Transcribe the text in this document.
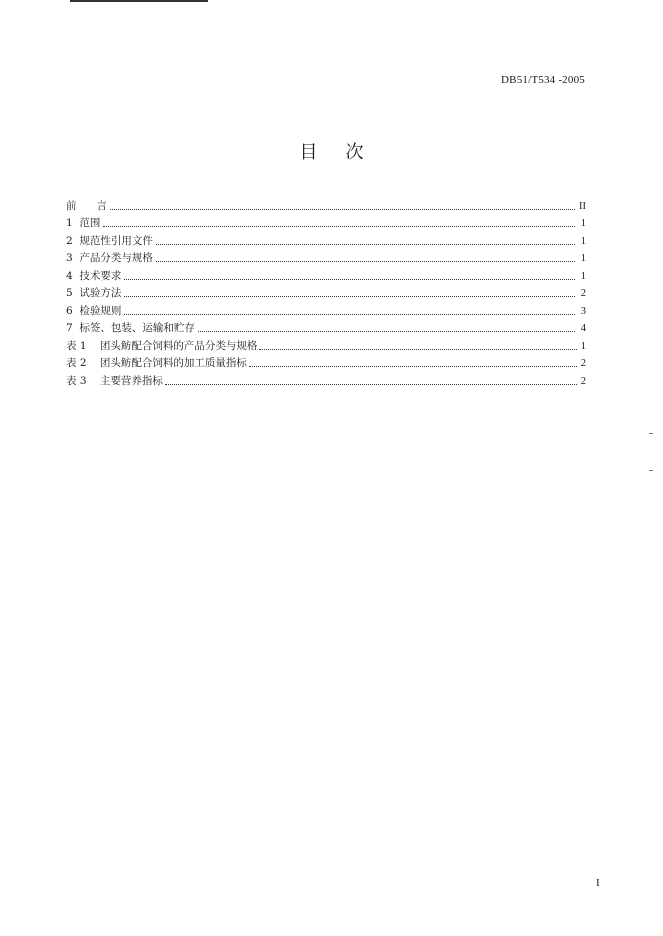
DB51/T534 -2005
目次
前      言	II
1  范围	1
2  规范性引用文件	1
3  产品分类与规格	1
4  技术要求	1
5  试验方法	2
6  检验规则	3
7  标签、包装、运输和贮存	4
表 1    团头鲂配合饲料的产品分类与规格	1
表 2    团头鲂配合饲料的加工质量指标	2
表 3    主要营养指标	2
I
